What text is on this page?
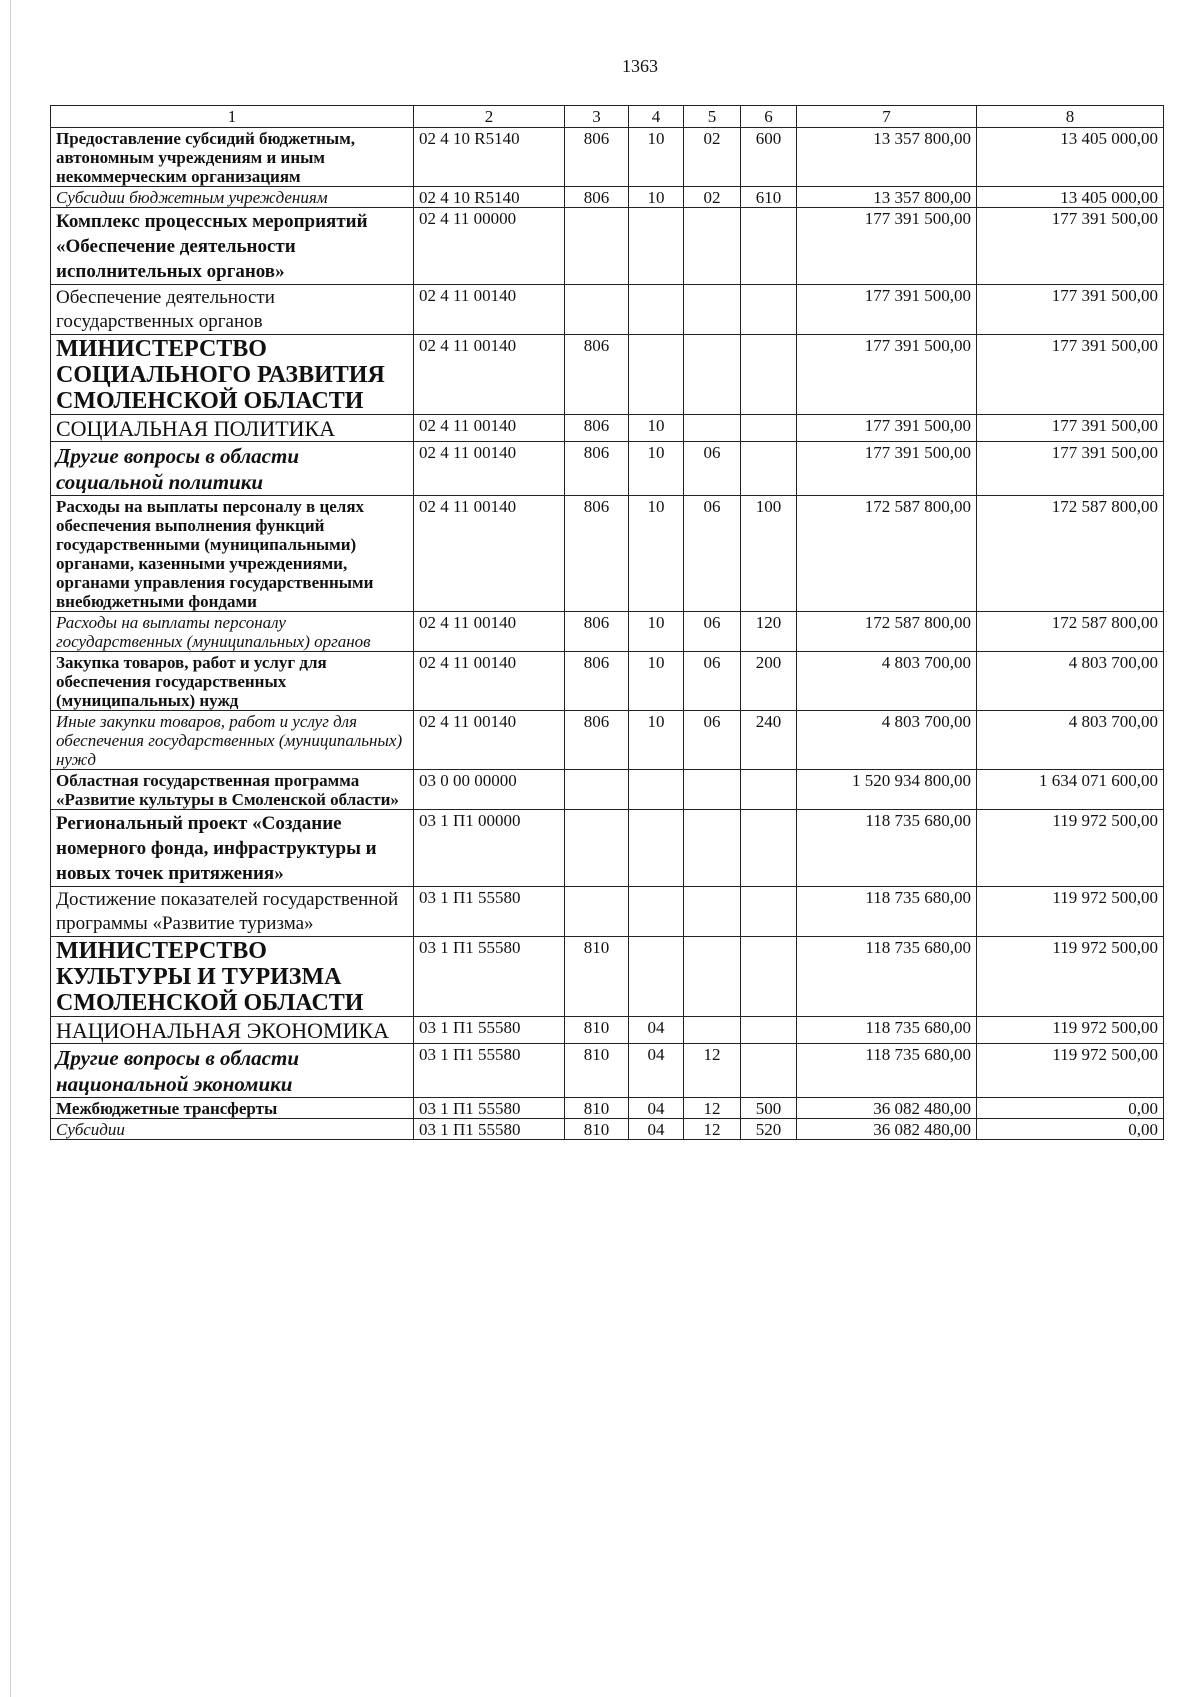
1363
1	2	3	4	5	6	7	8
Предоставление субсидий бюджетным, автономным учреждениям и иным некоммерческим организациям	02 4 10 R5140	806	10	02	600	13 357 800,00	13 405 000,00
Субсидии бюджетным учреждениям	02 4 10 R5140	806	10	02	610	13 357 800,00	13 405 000,00
Комплекс процессных мероприятий «Обеспечение деятельности исполнительных органов»	02 4 11 00000					177 391 500,00	177 391 500,00
Обеспечение деятельности государственных органов	02 4 11 00140					177 391 500,00	177 391 500,00
МИНИСТЕРСТВО СОЦИАЛЬНОГО РАЗВИТИЯ СМОЛЕНСКОЙ ОБЛАСТИ	02 4 11 00140	806				177 391 500,00	177 391 500,00
СОЦИАЛЬНАЯ ПОЛИТИКА	02 4 11 00140	806	10			177 391 500,00	177 391 500,00
Другие вопросы в области социальной политики	02 4 11 00140	806	10	06		177 391 500,00	177 391 500,00
Расходы на выплаты персоналу в целях обеспечения выполнения функций государственными (муниципальными) органами, казенными учреждениями, органами управления государственными внебюджетными фондами	02 4 11 00140	806	10	06	100	172 587 800,00	172 587 800,00
Расходы на выплаты персоналу государственных (муниципальных) органов	02 4 11 00140	806	10	06	120	172 587 800,00	172 587 800,00
Закупка товаров, работ и услуг для обеспечения государственных (муниципальных) нужд	02 4 11 00140	806	10	06	200	4 803 700,00	4 803 700,00
Иные закупки товаров, работ и услуг для обеспечения государственных (муниципальных) нужд	02 4 11 00140	806	10	06	240	4 803 700,00	4 803 700,00
Областная государственная программа «Развитие культуры в Смоленской области»	03 0 00 00000					1 520 934 800,00	1 634 071 600,00
Региональный проект «Создание номерного фонда, инфраструктуры и новых точек притяжения»	03 1 П1 00000					118 735 680,00	119 972 500,00
Достижение показателей государственной программы «Развитие туризма»	03 1 П1 55580					118 735 680,00	119 972 500,00
МИНИСТЕРСТВО КУЛЬТУРЫ И ТУРИЗМА СМОЛЕНСКОЙ ОБЛАСТИ	03 1 П1 55580	810				118 735 680,00	119 972 500,00
НАЦИОНАЛЬНАЯ ЭКОНОМИКА	03 1 П1 55580	810	04			118 735 680,00	119 972 500,00
Другие вопросы в области национальной экономики	03 1 П1 55580	810	04	12		118 735 680,00	119 972 500,00
Межбюджетные трансферты	03 1 П1 55580	810	04	12	500	36 082 480,00	0,00
Субсидии	03 1 П1 55580	810	04	12	520	36 082 480,00	0,00
